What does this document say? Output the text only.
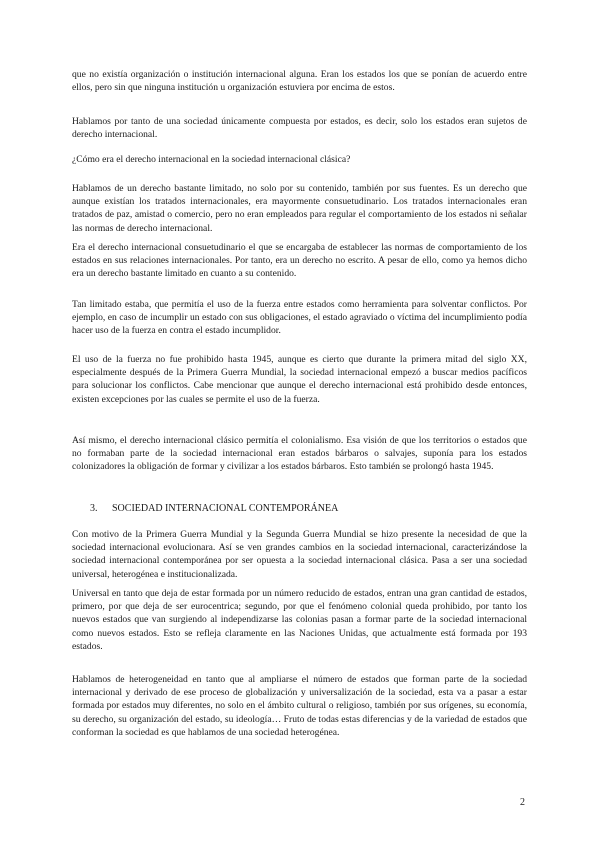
que no existía organización o institución internacional alguna. Eran los estados los que se ponían de acuerdo entre ellos, pero sin que ninguna institución u organización estuviera por encima de estos.

Hablamos por tanto de una sociedad únicamente compuesta por estados, es decir, solo los estados eran sujetos de derecho internacional.

¿Cómo era el derecho internacional en la sociedad internacional clásica?

Hablamos de un derecho bastante limitado, no solo por su contenido, también por sus fuentes. Es un derecho que aunque existían los tratados internacionales, era mayormente consuetudinario. Los tratados internacionales eran tratados de paz, amistad o comercio, pero no eran empleados para regular el comportamiento de los estados ni señalar las normas de derecho internacional.

Era el derecho internacional consuetudinario el que se encargaba de establecer las normas de comportamiento de los estados en sus relaciones internacionales. Por tanto, era un derecho no escrito. A pesar de ello, como ya hemos dicho era un derecho bastante limitado en cuanto a su contenido.

Tan limitado estaba, que permitía el uso de la fuerza entre estados como herramienta para solventar conflictos. Por ejemplo, en caso de incumplir un estado con sus obligaciones, el estado agraviado o víctima del incumplimiento podía hacer uso de la fuerza en contra el estado incumplidor.

El uso de la fuerza no fue prohibido hasta 1945, aunque es cierto que durante la primera mitad del siglo XX, especialmente después de la Primera Guerra Mundial, la sociedad internacional empezó a buscar medios pacíficos para solucionar los conflictos. Cabe mencionar que aunque el derecho internacional está prohibido desde entonces, existen excepciones por las cuales se permite el uso de la fuerza.

Así mismo, el derecho internacional clásico permitía el colonialismo. Esa visión de que los territorios o estados que no formaban parte de la sociedad internacional eran estados bárbaros o salvajes, suponía para los estados colonizadores la obligación de formar y civilizar a los estados bárbaros. Esto también se prolongó hasta 1945.

3. SOCIEDAD INTERNACIONAL CONTEMPORÁNEA

Con motivo de la Primera Guerra Mundial y la Segunda Guerra Mundial se hizo presente la necesidad de que la sociedad internacional evolucionara. Así se ven grandes cambios en la sociedad internacional, caracterizándose la sociedad internacional contemporánea por ser opuesta a la sociedad internacional clásica. Pasa a ser una sociedad universal, heterogénea e institucionalizada.

Universal en tanto que deja de estar formada por un número reducido de estados, entran una gran cantidad de estados, primero, por que deja de ser eurocentrica; segundo, por que el fenómeno colonial queda prohibido, por tanto los nuevos estados que van surgiendo al independizarse las colonias pasan a formar parte de la sociedad internacional como nuevos estados. Esto se refleja claramente en las Naciones Unidas, que actualmente está formada por 193 estados.

Hablamos de heterogeneidad en tanto que al ampliarse el número de estados que forman parte de la sociedad internacional y derivado de ese proceso de globalización y universalización de la sociedad, esta va a pasar a estar formada por estados muy diferentes, no solo en el ámbito cultural o religioso, también por sus orígenes, su economía, su derecho, su organización del estado, su ideología… Fruto de todas estas diferencias y de la variedad de estados que conforman la sociedad es que hablamos de una sociedad heterogénea.

2
